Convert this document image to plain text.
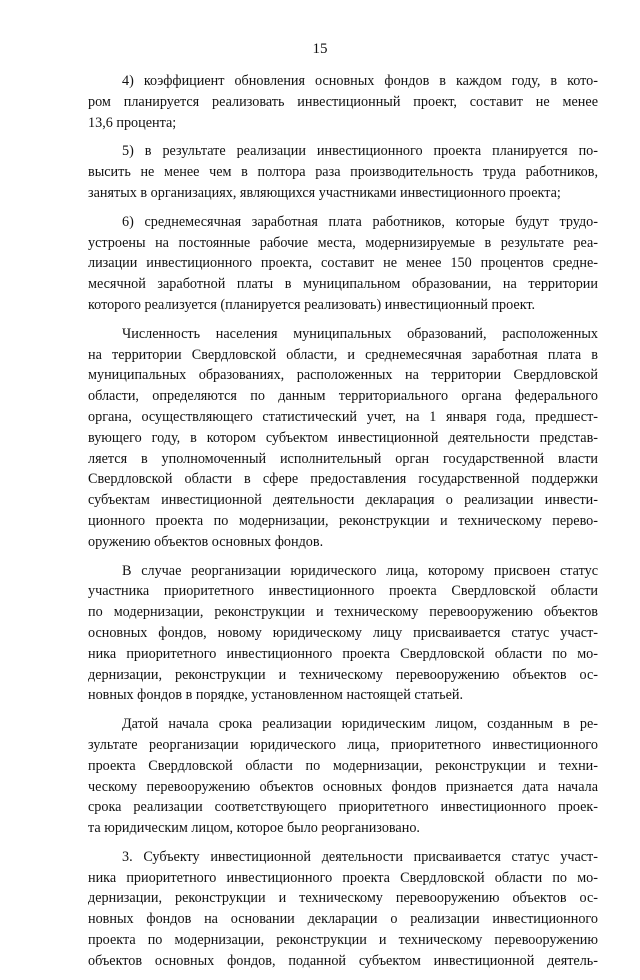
15
4) коэффициент обновления основных фондов в каждом году, в кото-
ром планируется реализовать инвестиционный проект, составит не менее
13,6 процента;
5) в результате реализации инвестиционного проекта планируется по-
высить не менее чем в полтора раза производительность труда работников,
занятых в организациях, являющихся участниками инвестиционного проекта;
6) среднемесячная заработная плата работников, которые будут трудо-
устроены на постоянные рабочие места, модернизируемые в результате реа-
лизации инвестиционного проекта, составит не менее 150 процентов средне-
месячной заработной платы в муниципальном образовании, на территории
которого реализуется (планируется реализовать) инвестиционный проект.
Численность населения муниципальных образований, расположенных
на территории Свердловской области, и среднемесячная заработная плата в
муниципальных образованиях, расположенных на территории Свердловской
области, определяются по данным территориального органа федерального
органа, осуществляющего статистический учет, на 1 января года, предшест-
вующего году, в котором субъектом инвестиционной деятельности представ-
ляется в уполномоченный исполнительный орган государственной власти
Свердловской области в сфере предоставления государственной поддержки
субъектам инвестиционной деятельности декларация о реализации инвести-
ционного проекта по модернизации, реконструкции и техническому перево-
оружению объектов основных фондов.
В случае реорганизации юридического лица, которому присвоен статус
участника приоритетного инвестиционного проекта Свердловской области
по модернизации, реконструкции и техническому перевооружению объектов
основных фондов, новому юридическому лицу присваивается статус участ-
ника приоритетного инвестиционного проекта Свердловской области по мо-
дернизации, реконструкции и техническому перевооружению объектов ос-
новных фондов в порядке, установленном настоящей статьей.
Датой начала срока реализации юридическим лицом, созданным в ре-
зультате реорганизации юридического лица, приоритетного инвестиционного
проекта Свердловской области по модернизации, реконструкции и техни-
ческому перевооружению объектов основных фондов признается дата начала
срока реализации соответствующего приоритетного инвестиционного проек-
та юридическим лицом, которое было реорганизовано.
3. Субъекту инвестиционной деятельности присваивается статус участ-
ника приоритетного инвестиционного проекта Свердловской области по мо-
дернизации, реконструкции и техническому перевооружению объектов ос-
новных фондов на основании декларации о реализации инвестиционного
проекта по модернизации, реконструкции и техническому перевооружению
объектов основных фондов, поданной субъектом инвестиционной деятель-
